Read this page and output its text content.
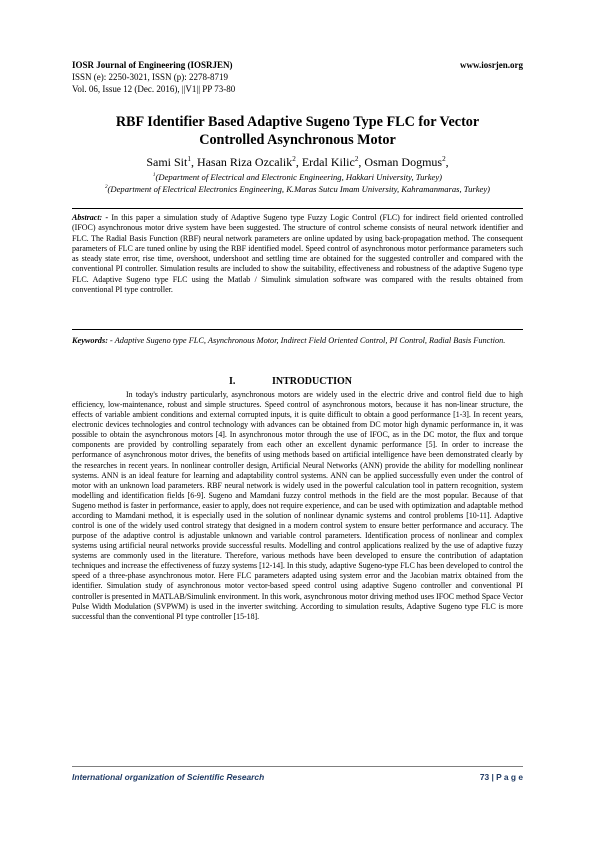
IOSR Journal of Engineering (IOSRJEN)	www.iosrjen.org
ISSN (e): 2250-3021, ISSN (p): 2278-8719
Vol. 06, Issue 12 (Dec. 2016), ||V1|| PP 73-80
RBF Identifier Based Adaptive Sugeno Type FLC for Vector
Controlled Asynchronous Motor
Sami Sit$^1$, Hasan Riza Ozcalik$^2$, Erdal Kilic$^2$, Osman Dogmus$^2$,
$^1$(Department of Electrical and Electronic Engineering, Hakkari University, Turkey)
$^2$(Department of Electrical Electronics Engineering, K.Maras Sutcu Imam University, Kahramanmaras, Turkey)
Abstract: - In this paper a simulation study of Adaptive Sugeno type Fuzzy Logic Control (FLC) for indirect field oriented controlled (IFOC) asynchronous motor drive system have been suggested. The structure of control scheme consists of neural network identifier and FLC. The Radial Basis Function (RBF) neural network parameters are online updated by using back-propagation method. The consequent parameters of FLC are tuned online by using the RBF identified model. Speed control of asynchronous motor performance parameters such as steady state error, rise time, overshoot, undershoot and settling time are obtained for the suggested controller and compared with the conventional PI controller. Simulation results are included to show the suitability, effectiveness and robustness of the adaptive Sugeno type FLC. Adaptive Sugeno type FLC using the Matlab / Simulink simulation software was compared with the results obtained from conventional PI type controller.
Keywords: - Adaptive Sugeno type FLC, Asynchronous Motor, Indirect Field Oriented Control, PI Control, Radial Basis Function.
I.	INTRODUCTION

In today's industry particularly, asynchronous motors are widely used in the electric drive and control field due to high efficiency, low-maintenance, robust and simple structures. Speed control of asynchronous motors, because it has non-linear structure, the effects of variable ambient conditions and external corrupted inputs, it is quite difficult to obtain a good performance [1-3]. In recent years, electronic devices technologies and control technology with advances can be obtained from DC motor high dynamic performance in, it was possible to obtain the asynchronous motors [4]. In asynchronous motor through the use of IFOC, as in the DC motor, the flux and torque components are provided by controlling separately from each other an excellent dynamic performance [5]. In order to increase the performance of asynchronous motor drives, the benefits of using methods based on artificial intelligence have been demonstrated clearly by the researches in recent years. In nonlinear controller design, Artificial Neural Networks (ANN) provide the ability for modelling nonlinear systems. ANN is an ideal feature for learning and adaptability control systems. ANN can be applied successfully even under the control of motor with an unknown load parameters. RBF neural network is widely used in the powerful calculation tool in pattern recognition, system modelling and identification fields [6-9]. Sugeno and Mamdani fuzzy control methods in the field are the most popular. Because of that Sugeno method is faster in performance, easier to apply, does not require experience, and can be used with optimization and adaptable method according to Mamdani method, it is especially used in the solution of nonlinear dynamic systems and control problems [10-11]. Adaptive control is one of the widely used control strategy that designed in a modern control system to ensure better performance and accuracy. The purpose of the adaptive control is adjustable unknown and variable control parameters. Identification process of nonlinear and complex systems using artificial neural networks provide successful results. Modelling and control applications realized by the use of adaptive fuzzy systems are commonly used in the literature. Therefore, various methods have been developed to ensure the contribution of adaptation techniques and increase the effectiveness of fuzzy systems [12-14]. In this study, adaptive Sugeno-type FLC has been developed to control the speed of a three-phase asynchronous motor. Here FLC parameters adapted using system error and the Jacobian matrix obtained from the identifier. Simulation study of asynchronous motor vector-based speed control using adaptive Sugeno controller and conventional PI controller is presented in MATLAB/Simulink environment. In this work, asynchronous motor driving method uses IFOC method Space Vector Pulse Width Modulation (SVPWM) is used in the inverter switching. According to simulation results, Adaptive Sugeno type FLC is more successful than the conventional PI type controller [15-18].

International organization of Scientific Research	73 | P a g e
